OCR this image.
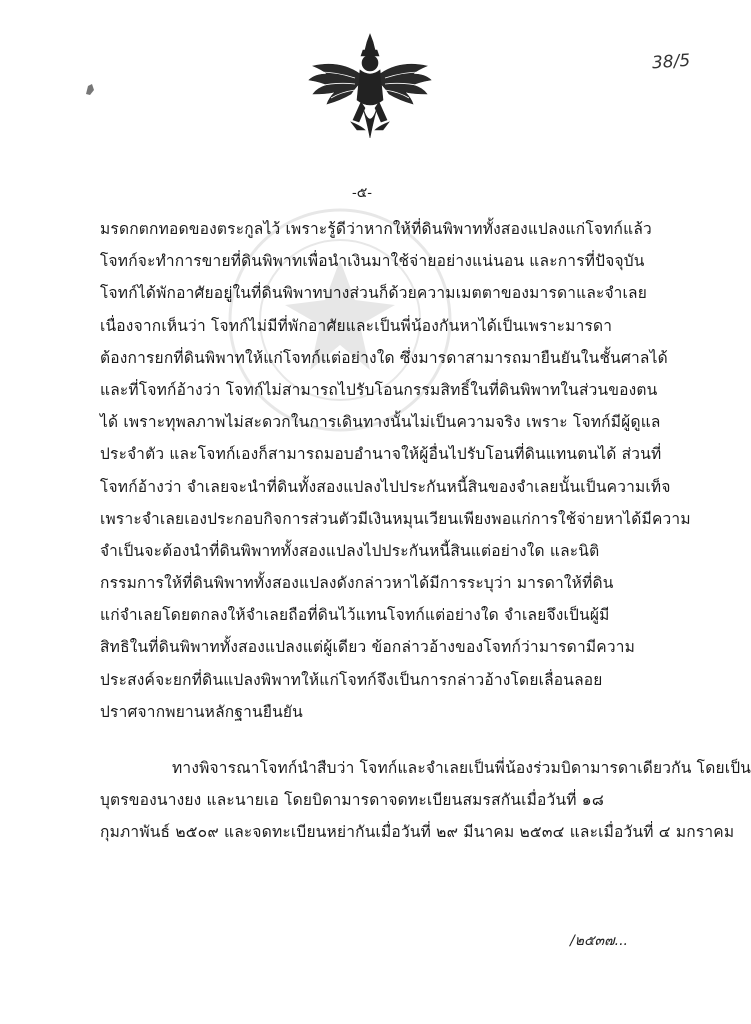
38/5
-๕-
มรดกตกทอดของตระกูลไว้ เพราะรู้ดีว่าหากให้ที่ดินพิพาททั้งสองแปลงแก่โจทก์แล้ว
โจทก์จะทำการขายที่ดินพิพาทเพื่อนำเงินมาใช้จ่ายอย่างแน่นอน และการที่ปัจจุบัน
โจทก์ได้พักอาศัยอยู่ในที่ดินพิพาทบางส่วนก็ด้วยความเมตตาของมารดาและจำเลย
เนื่องจากเห็นว่า โจทก์ไม่มีที่พักอาศัยและเป็นพี่น้องกันหาได้เป็นเพราะมารดา
ต้องการยกที่ดินพิพาทให้แก่โจทก์แต่อย่างใด ซึ่งมารดาสามารถมายืนยันในชั้นศาลได้
และที่โจทก์อ้างว่า โจทก์ไม่สามารถไปรับโอนกรรมสิทธิ์ในที่ดินพิพาทในส่วนของตน
ได้ เพราะทุพลภาพไม่สะดวกในการเดินทางนั้นไม่เป็นความจริง เพราะ โจทก์มีผู้ดูแล
ประจำตัว และโจทก์เองก็สามารถมอบอำนาจให้ผู้อื่นไปรับโอนที่ดินแทนตนได้ ส่วนที่
โจทก์อ้างว่า จำเลยจะนำที่ดินทั้งสองแปลงไปประกันหนี้สินของจำเลยนั้นเป็นความเท็จ
เพราะจำเลยเองประกอบกิจการส่วนตัวมีเงินหมุนเวียนเพียงพอแก่การใช้จ่ายหาได้มีความ
จำเป็นจะต้องนำที่ดินพิพาททั้งสองแปลงไปประกันหนี้สินแต่อย่างใด และนิติ
กรรมการให้ที่ดินพิพาททั้งสองแปลงดังกล่าวหาได้มีการระบุว่า มารดาให้ที่ดิน
แก่จำเลยโดยตกลงให้จำเลยถือที่ดินไว้แทนโจทก์แต่อย่างใด จำเลยจึงเป็นผู้มี
สิทธิในที่ดินพิพาททั้งสองแปลงแต่ผู้เดียว ข้อกล่าวอ้างของโจทก์ว่ามารดามีความ
ประสงค์จะยกที่ดินแปลงพิพาทให้แก่โจทก์จึงเป็นการกล่าวอ้างโดยเลื่อนลอย
ปราศจากพยานหลักฐานยืนยัน
ทางพิจารณาโจทก์นำสืบว่า โจทก์และจำเลยเป็นพี่น้องร่วมบิดามารดาเดียวกัน โดยเป็น
บุตรของนางยง และนายเอ โดยบิดามารดาจดทะเบียนสมรสกันเมื่อวันที่ ๑๘
กุมภาพันธ์ ๒๕๐๙ และจดทะเบียนหย่ากันเมื่อวันที่ ๒๙ มีนาคม ๒๕๓๔ และเมื่อวันที่ ๔ มกราคม
/๒๕๓๗...
